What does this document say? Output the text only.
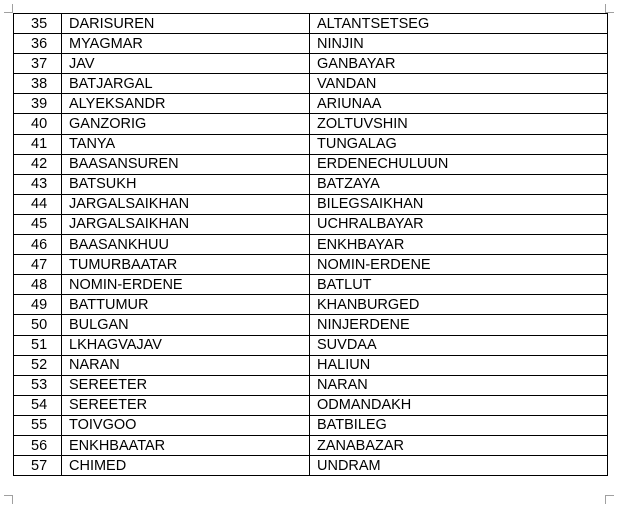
35	DARISUREN	ALTANTSETSEG
36	MYAGMAR	NINJIN
37	JAV	GANBAYAR
38	BATJARGAL	VANDAN
39	ALYEKSANDR	ARIUNAA
40	GANZORIG	ZOLTUVSHIN
41	TANYA	TUNGALAG
42	BAASANSUREN	ERDENECHULUUN
43	BATSUKH	BATZAYA
44	JARGALSAIKHAN	BILEGSAIKHAN
45	JARGALSAIKHAN	UCHRALBAYAR
46	BAASANKHUU	ENKHBAYAR
47	TUMURBAATAR	NOMIN-ERDENE
48	NOMIN-ERDENE	BATLUT
49	BATTUMUR	KHANBURGED
50	BULGAN	NINJERDENE
51	LKHAGVAJAV	SUVDAA
52	NARAN	HALIUN
53	SEREETER	NARAN
54	SEREETER	ODMANDAKH
55	TOIVGOO	BATBILEG
56	ENKHBAATAR	ZANABAZAR
57	CHIMED	UNDRAM
